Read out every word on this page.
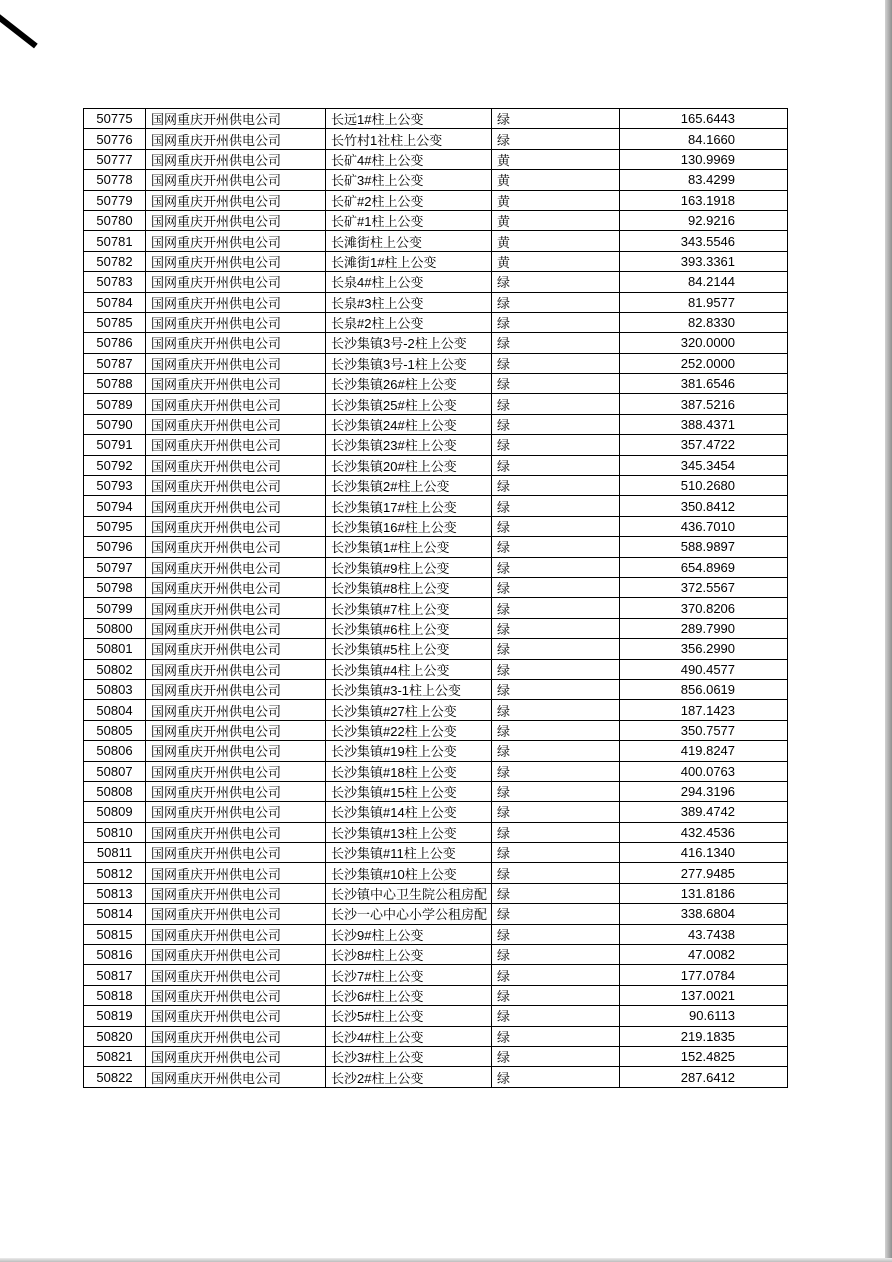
50775	国网重庆开州供电公司	长远1#柱上公变	绿	165.6443
50776	国网重庆开州供电公司	长竹村1社柱上公变	绿	84.1660
50777	国网重庆开州供电公司	长矿4#柱上公变	黄	130.9969
50778	国网重庆开州供电公司	长矿3#柱上公变	黄	83.4299
50779	国网重庆开州供电公司	长矿#2柱上公变	黄	163.1918
50780	国网重庆开州供电公司	长矿#1柱上公变	黄	92.9216
50781	国网重庆开州供电公司	长滩街柱上公变	黄	343.5546
50782	国网重庆开州供电公司	长滩街1#柱上公变	黄	393.3361
50783	国网重庆开州供电公司	长泉4#柱上公变	绿	84.2144
50784	国网重庆开州供电公司	长泉#3柱上公变	绿	81.9577
50785	国网重庆开州供电公司	长泉#2柱上公变	绿	82.8330
50786	国网重庆开州供电公司	长沙集镇3号-2柱上公变	绿	320.0000
50787	国网重庆开州供电公司	长沙集镇3号-1柱上公变	绿	252.0000
50788	国网重庆开州供电公司	长沙集镇26#柱上公变	绿	381.6546
50789	国网重庆开州供电公司	长沙集镇25#柱上公变	绿	387.5216
50790	国网重庆开州供电公司	长沙集镇24#柱上公变	绿	388.4371
50791	国网重庆开州供电公司	长沙集镇23#柱上公变	绿	357.4722
50792	国网重庆开州供电公司	长沙集镇20#柱上公变	绿	345.3454
50793	国网重庆开州供电公司	长沙集镇2#柱上公变	绿	510.2680
50794	国网重庆开州供电公司	长沙集镇17#柱上公变	绿	350.8412
50795	国网重庆开州供电公司	长沙集镇16#柱上公变	绿	436.7010
50796	国网重庆开州供电公司	长沙集镇1#柱上公变	绿	588.9897
50797	国网重庆开州供电公司	长沙集镇#9柱上公变	绿	654.8969
50798	国网重庆开州供电公司	长沙集镇#8柱上公变	绿	372.5567
50799	国网重庆开州供电公司	长沙集镇#7柱上公变	绿	370.8206
50800	国网重庆开州供电公司	长沙集镇#6柱上公变	绿	289.7990
50801	国网重庆开州供电公司	长沙集镇#5柱上公变	绿	356.2990
50802	国网重庆开州供电公司	长沙集镇#4柱上公变	绿	490.4577
50803	国网重庆开州供电公司	长沙集镇#3-1柱上公变	绿	856.0619
50804	国网重庆开州供电公司	长沙集镇#27柱上公变	绿	187.1423
50805	国网重庆开州供电公司	长沙集镇#22柱上公变	绿	350.7577
50806	国网重庆开州供电公司	长沙集镇#19柱上公变	绿	419.8247
50807	国网重庆开州供电公司	长沙集镇#18柱上公变	绿	400.0763
50808	国网重庆开州供电公司	长沙集镇#15柱上公变	绿	294.3196
50809	国网重庆开州供电公司	长沙集镇#14柱上公变	绿	389.4742
50810	国网重庆开州供电公司	长沙集镇#13柱上公变	绿	432.4536
50811	国网重庆开州供电公司	长沙集镇#11柱上公变	绿	416.1340
50812	国网重庆开州供电公司	长沙集镇#10柱上公变	绿	277.9485
50813	国网重庆开州供电公司	长沙镇中心卫生院公租房配	绿	131.8186
50814	国网重庆开州供电公司	长沙一心中心小学公租房配	绿	338.6804
50815	国网重庆开州供电公司	长沙9#柱上公变	绿	43.7438
50816	国网重庆开州供电公司	长沙8#柱上公变	绿	47.0082
50817	国网重庆开州供电公司	长沙7#柱上公变	绿	177.0784
50818	国网重庆开州供电公司	长沙6#柱上公变	绿	137.0021
50819	国网重庆开州供电公司	长沙5#柱上公变	绿	90.6113
50820	国网重庆开州供电公司	长沙4#柱上公变	绿	219.1835
50821	国网重庆开州供电公司	长沙3#柱上公变	绿	152.4825
50822	国网重庆开州供电公司	长沙2#柱上公变	绿	287.6412
